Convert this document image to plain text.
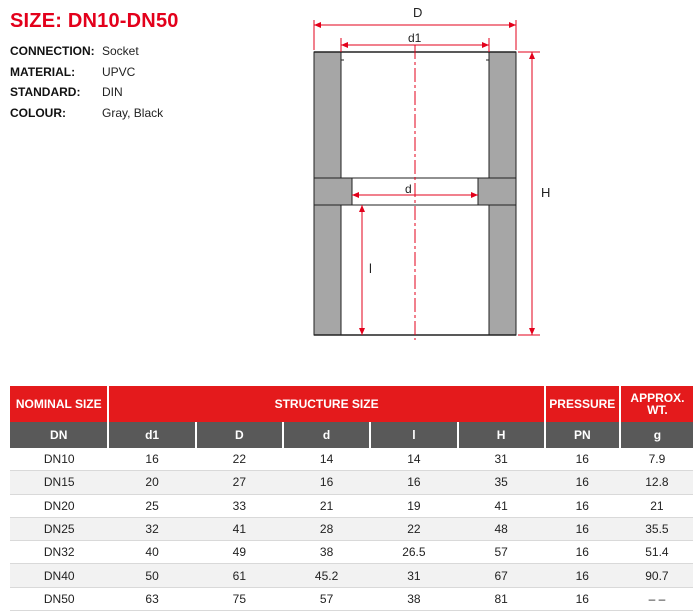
SIZE: DN10-DN50
CONNECTION: Socket
MATERIAL:	UPVC
STANDARD:	DIN
COLOUR:	Gray, Black
D
d1
d	H
l
NOMINAL SIZE	STRUCTURE SIZE					PRESSURE	APPROX. WT.
DN	d1	D	d	l	H	PN	g
DN10	16	22	14	14	31	16	7.9
DN15	20	27	16	16	35	16	12.8
DN20	25	33	21	19	41	16	21
DN25	32	41	28	22	48	16	35.5
DN32	40	49	38	26.5	57	16	51.4
DN40	50	61	45.2	31	67	16	90.7
DN50	63	75	57	38	81	16	– –
